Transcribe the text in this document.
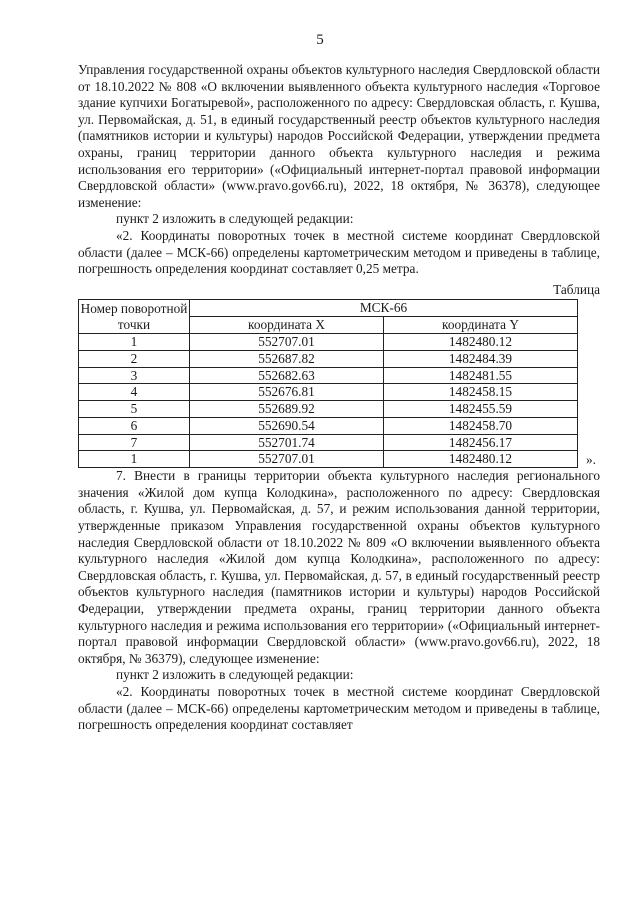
5

Управления государственной охраны объектов культурного наследия Свердловской области от 18.10.2022 № 808 «О включении выявленного объекта культурного наследия «Торговое здание купчихи Богатыревой», расположенного по адресу: Свердловская область, г. Кушва, ул. Первомайская, д. 51, в единый государственный реестр объектов культурного наследия (памятников истории и культуры) народов Российской Федерации, утверждении предмета охраны, границ территории данного объекта культурного наследия и режима использования его территории» («Официальный интернет-портал правовой информации Свердловской области» (www.pravo.gov66.ru), 2022, 18 октября, № 36378), следующее изменение:

пункт 2 изложить в следующей редакции:

«2. Координаты поворотных точек в местной системе координат Свердловской области (далее – МСК-66) определены картометрическим методом и приведены в таблице, погрешность определения координат составляет 0,25 метра.

Таблица
Номер поворотной точки	МСК-66	
	координата X	координата Y
1	552707.01	1482480.12
2	552687.82	1482484.39
3	552682.63	1482481.55
4	552676.81	1482458.15
5	552689.92	1482455.59
6	552690.54	1482458.70
7	552701.74	1482456.17
1	552707.01	1482480.12	».

7. Внести в границы территории объекта культурного наследия регионального значения «Жилой дом купца Колодкина», расположенного по адресу: Свердловская область, г. Кушва, ул. Первомайская, д. 57, и режим использования данной территории, утвержденные приказом Управления государственной охраны объектов культурного наследия Свердловской области от 18.10.2022 № 809 «О включении выявленного объекта культурного наследия «Жилой дом купца Колодкина», расположенного по адресу: Свердловская область, г. Кушва, ул. Первомайская, д. 57, в единый государственный реестр объектов культурного наследия (памятников истории и культуры) народов Российской Федерации, утверждении предмета охраны, границ территории данного объекта культурного наследия и режима использования его территории» («Официальный интернет-портал правовой информации Свердловской области» (www.pravo.gov66.ru), 2022, 18 октября, № 36379), следующее изменение:

пункт 2 изложить в следующей редакции:

«2. Координаты поворотных точек в местной системе координат Свердловской области (далее – МСК-66) определены картометрическим методом и приведены в таблице, погрешность определения координат составляет
